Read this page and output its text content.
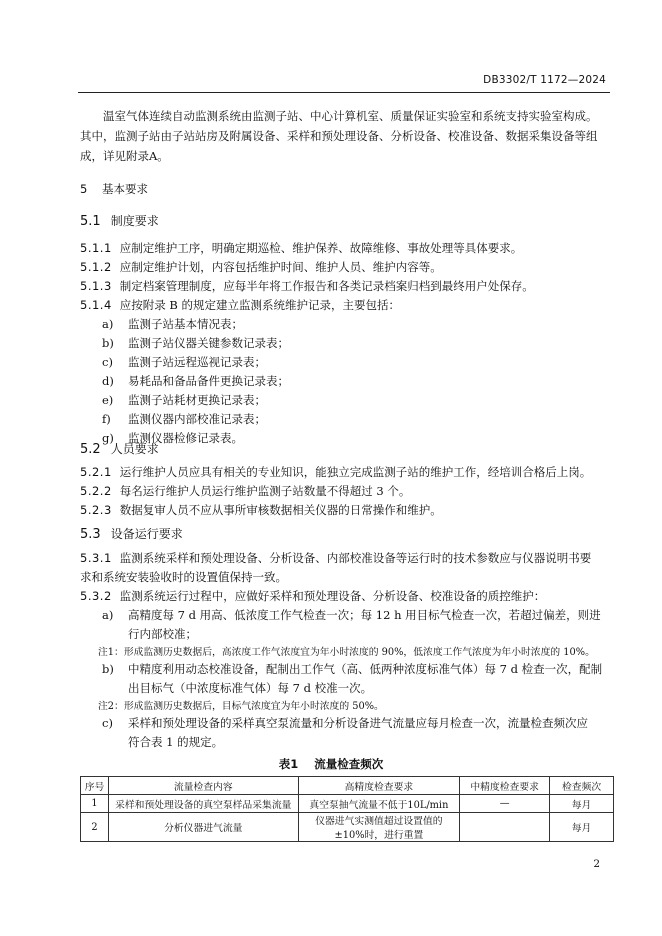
DB3302/T 1172—2024
温室气体连续自动监测系统由监测子站、中心计算机室、质量保证实验室和系统支持实验室构成。
其中，监测子站由子站站房及附属设备、采样和预处理设备、分析设备、校准设备、数据采集设备等组
成，详见附录A。
5 基本要求
5.1 制度要求
5.1.1 应制定维护工序，明确定期巡检、维护保养、故障维修、事故处理等具体要求。
5.1.2 应制定维护计划，内容包括维护时间、维护人员、维护内容等。
5.1.3 制定档案管理制度，应每半年将工作报告和各类记录档案归档到最终用户处保存。
5.1.4 应按附录 B 的规定建立监测系统维护记录，主要包括：
a) 监测子站基本情况表；
b) 监测子站仪器关键参数记录表；
c) 监测子站远程巡视记录表；
d) 易耗品和备品备件更换记录表；
e) 监测子站耗材更换记录表；
f) 监测仪器内部校准记录表；
g) 监测仪器检修记录表。
5.2 人员要求
5.2.1 运行维护人员应具有相关的专业知识，能独立完成监测子站的维护工作，经培训合格后上岗。
5.2.2 每名运行维护人员运行维护监测子站数量不得超过 3 个。
5.2.3 数据复审人员不应从事所审核数据相关仪器的日常操作和维护。
5.3 设备运行要求
5.3.1 监测系统采样和预处理设备、分析设备、内部校准设备等运行时的技术参数应与仪器说明书要
求和系统安装验收时的设置值保持一致。
5.3.2 监测系统运行过程中，应做好采样和预处理设备、分析设备、校准设备的质控维护：
a) 高精度每 7 d 用高、低浓度工作气检查一次；每 12 h 用目标气检查一次，若超过偏差，则进
行内部校准；
注1：形成监测历史数据后，高浓度工作气浓度宜为年小时浓度的 90%，低浓度工作气浓度为年小时浓度的 10%。
b) 中精度利用动态校准设备，配制出工作气（高、低两种浓度标准气体）每 7 d 检查一次，配制
出目标气（中浓度标准气体）每 7 d 校准一次。
注2：形成监测历史数据后，目标气浓度宜为年小时浓度的 50%。
c) 采样和预处理设备的采样真空泵流量和分析设备进气流量应每月检查一次，流量检查频次应
符合表 1 的规定。
表1 流量检查频次
序号	流量检查内容	高精度检查要求	中精度检查要求	检查频次
1	采样和预处理设备的真空泵样品采集流量	真空泵抽气流量不低于10L/min	—	每月
2	分析仪器进气流量	仪器进气实测值超过设置值的±10%时，进行重置		每月
2
